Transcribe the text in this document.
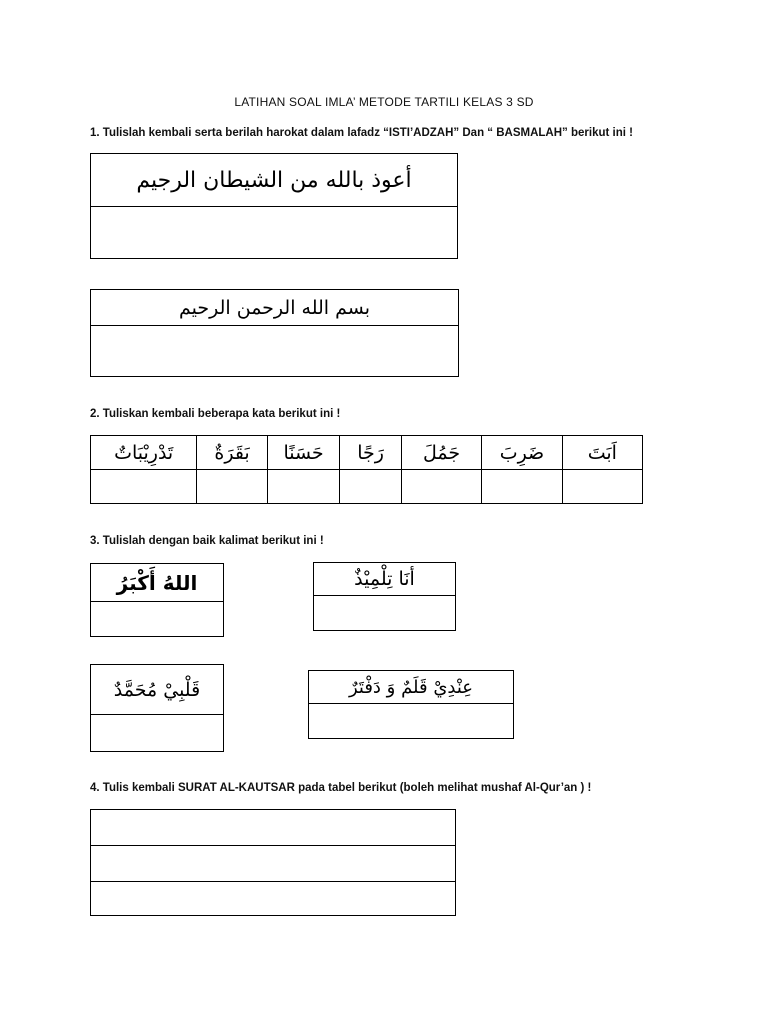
LATIHAN SOAL IMLA’ METODE TARTILI KELAS 3 SD
1. Tulislah kembali serta berilah harokat dalam lafadz “ISTI’ADZAH” Dan “ BASMALAH” berikut ini !
أعوذ بالله من الشيطان الرجيم
بسم الله الرحمن الرحيم
2. Tuliskan kembali beberapa kata berikut ini !
تَدْرِيْبَاتٌ	بَقَرَةٌ	حَسَنًا	رَجًا	جَمُلَ	ضَرِبَ	اَبَتَ

3. Tulislah dengan baik kalimat berikut ini !
اللهُ أَكْبَرُ	أنَا تِلْمِيْذٌ
قَلْبِيْ مُحَمَّدٌ	عِنْدِيْ قَلَمٌ وَ دَفْتَرٌ
4. Tulis kembali SURAT AL-KAUTSAR pada tabel berikut (boleh melihat mushaf Al-Qur’an ) !
